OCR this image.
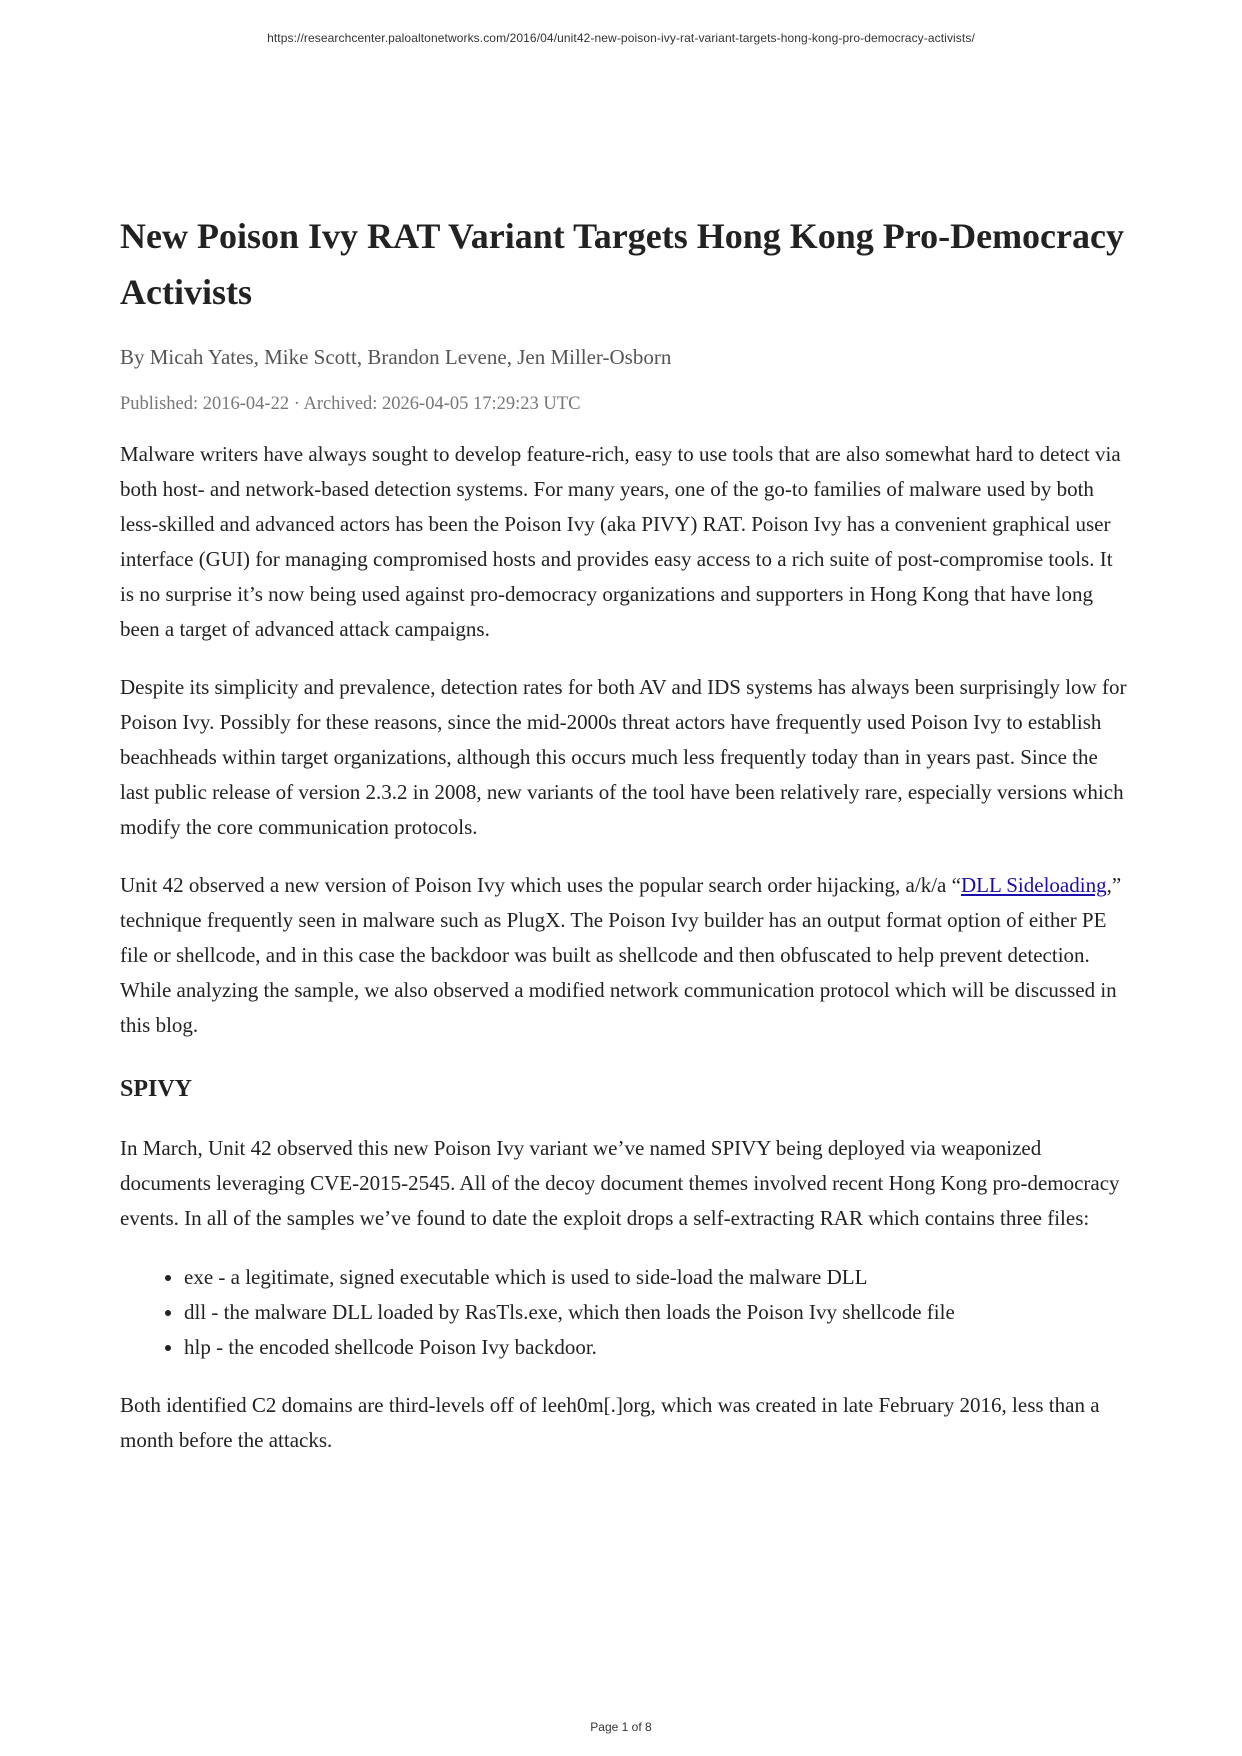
https://researchcenter.paloaltonetworks.com/2016/04/unit42-new-poison-ivy-rat-variant-targets-hong-kong-pro-democracy-activists/
New Poison Ivy RAT Variant Targets Hong Kong Pro-Democracy Activists
By Micah Yates, Mike Scott, Brandon Levene, Jen Miller-Osborn
Published: 2016-04-22 · Archived: 2026-04-05 17:29:23 UTC

Malware writers have always sought to develop feature-rich, easy to use tools that are also somewhat hard to detect via both host- and network-based detection systems. For many years, one of the go-to families of malware used by both less-skilled and advanced actors has been the Poison Ivy (aka PIVY) RAT. Poison Ivy has a convenient graphical user interface (GUI) for managing compromised hosts and provides easy access to a rich suite of post-compromise tools. It is no surprise it’s now being used against pro-democracy organizations and supporters in Hong Kong that have long been a target of advanced attack campaigns.

Despite its simplicity and prevalence, detection rates for both AV and IDS systems has always been surprisingly low for Poison Ivy. Possibly for these reasons, since the mid-2000s threat actors have frequently used Poison Ivy to establish beachheads within target organizations, although this occurs much less frequently today than in years past. Since the last public release of version 2.3.2 in 2008, new variants of the tool have been relatively rare, especially versions which modify the core communication protocols.

Unit 42 observed a new version of Poison Ivy which uses the popular search order hijacking, a/k/a “DLL Sideloading,” technique frequently seen in malware such as PlugX. The Poison Ivy builder has an output format option of either PE file or shellcode, and in this case the backdoor was built as shellcode and then obfuscated to help prevent detection. While analyzing the sample, we also observed a modified network communication protocol which will be discussed in this blog.

SPIVY

In March, Unit 42 observed this new Poison Ivy variant we’ve named SPIVY being deployed via weaponized documents leveraging CVE-2015-2545. All of the decoy document themes involved recent Hong Kong pro-democracy events. In all of the samples we’ve found to date the exploit drops a self-extracting RAR which contains three files:

• exe - a legitimate, signed executable which is used to side-load the malware DLL
• dll - the malware DLL loaded by RasTls.exe, which then loads the Poison Ivy shellcode file
• hlp - the encoded shellcode Poison Ivy backdoor.

Both identified C2 domains are third-levels off of leeh0m[.]org, which was created in late February 2016, less than a month before the attacks.

Page 1 of 8
